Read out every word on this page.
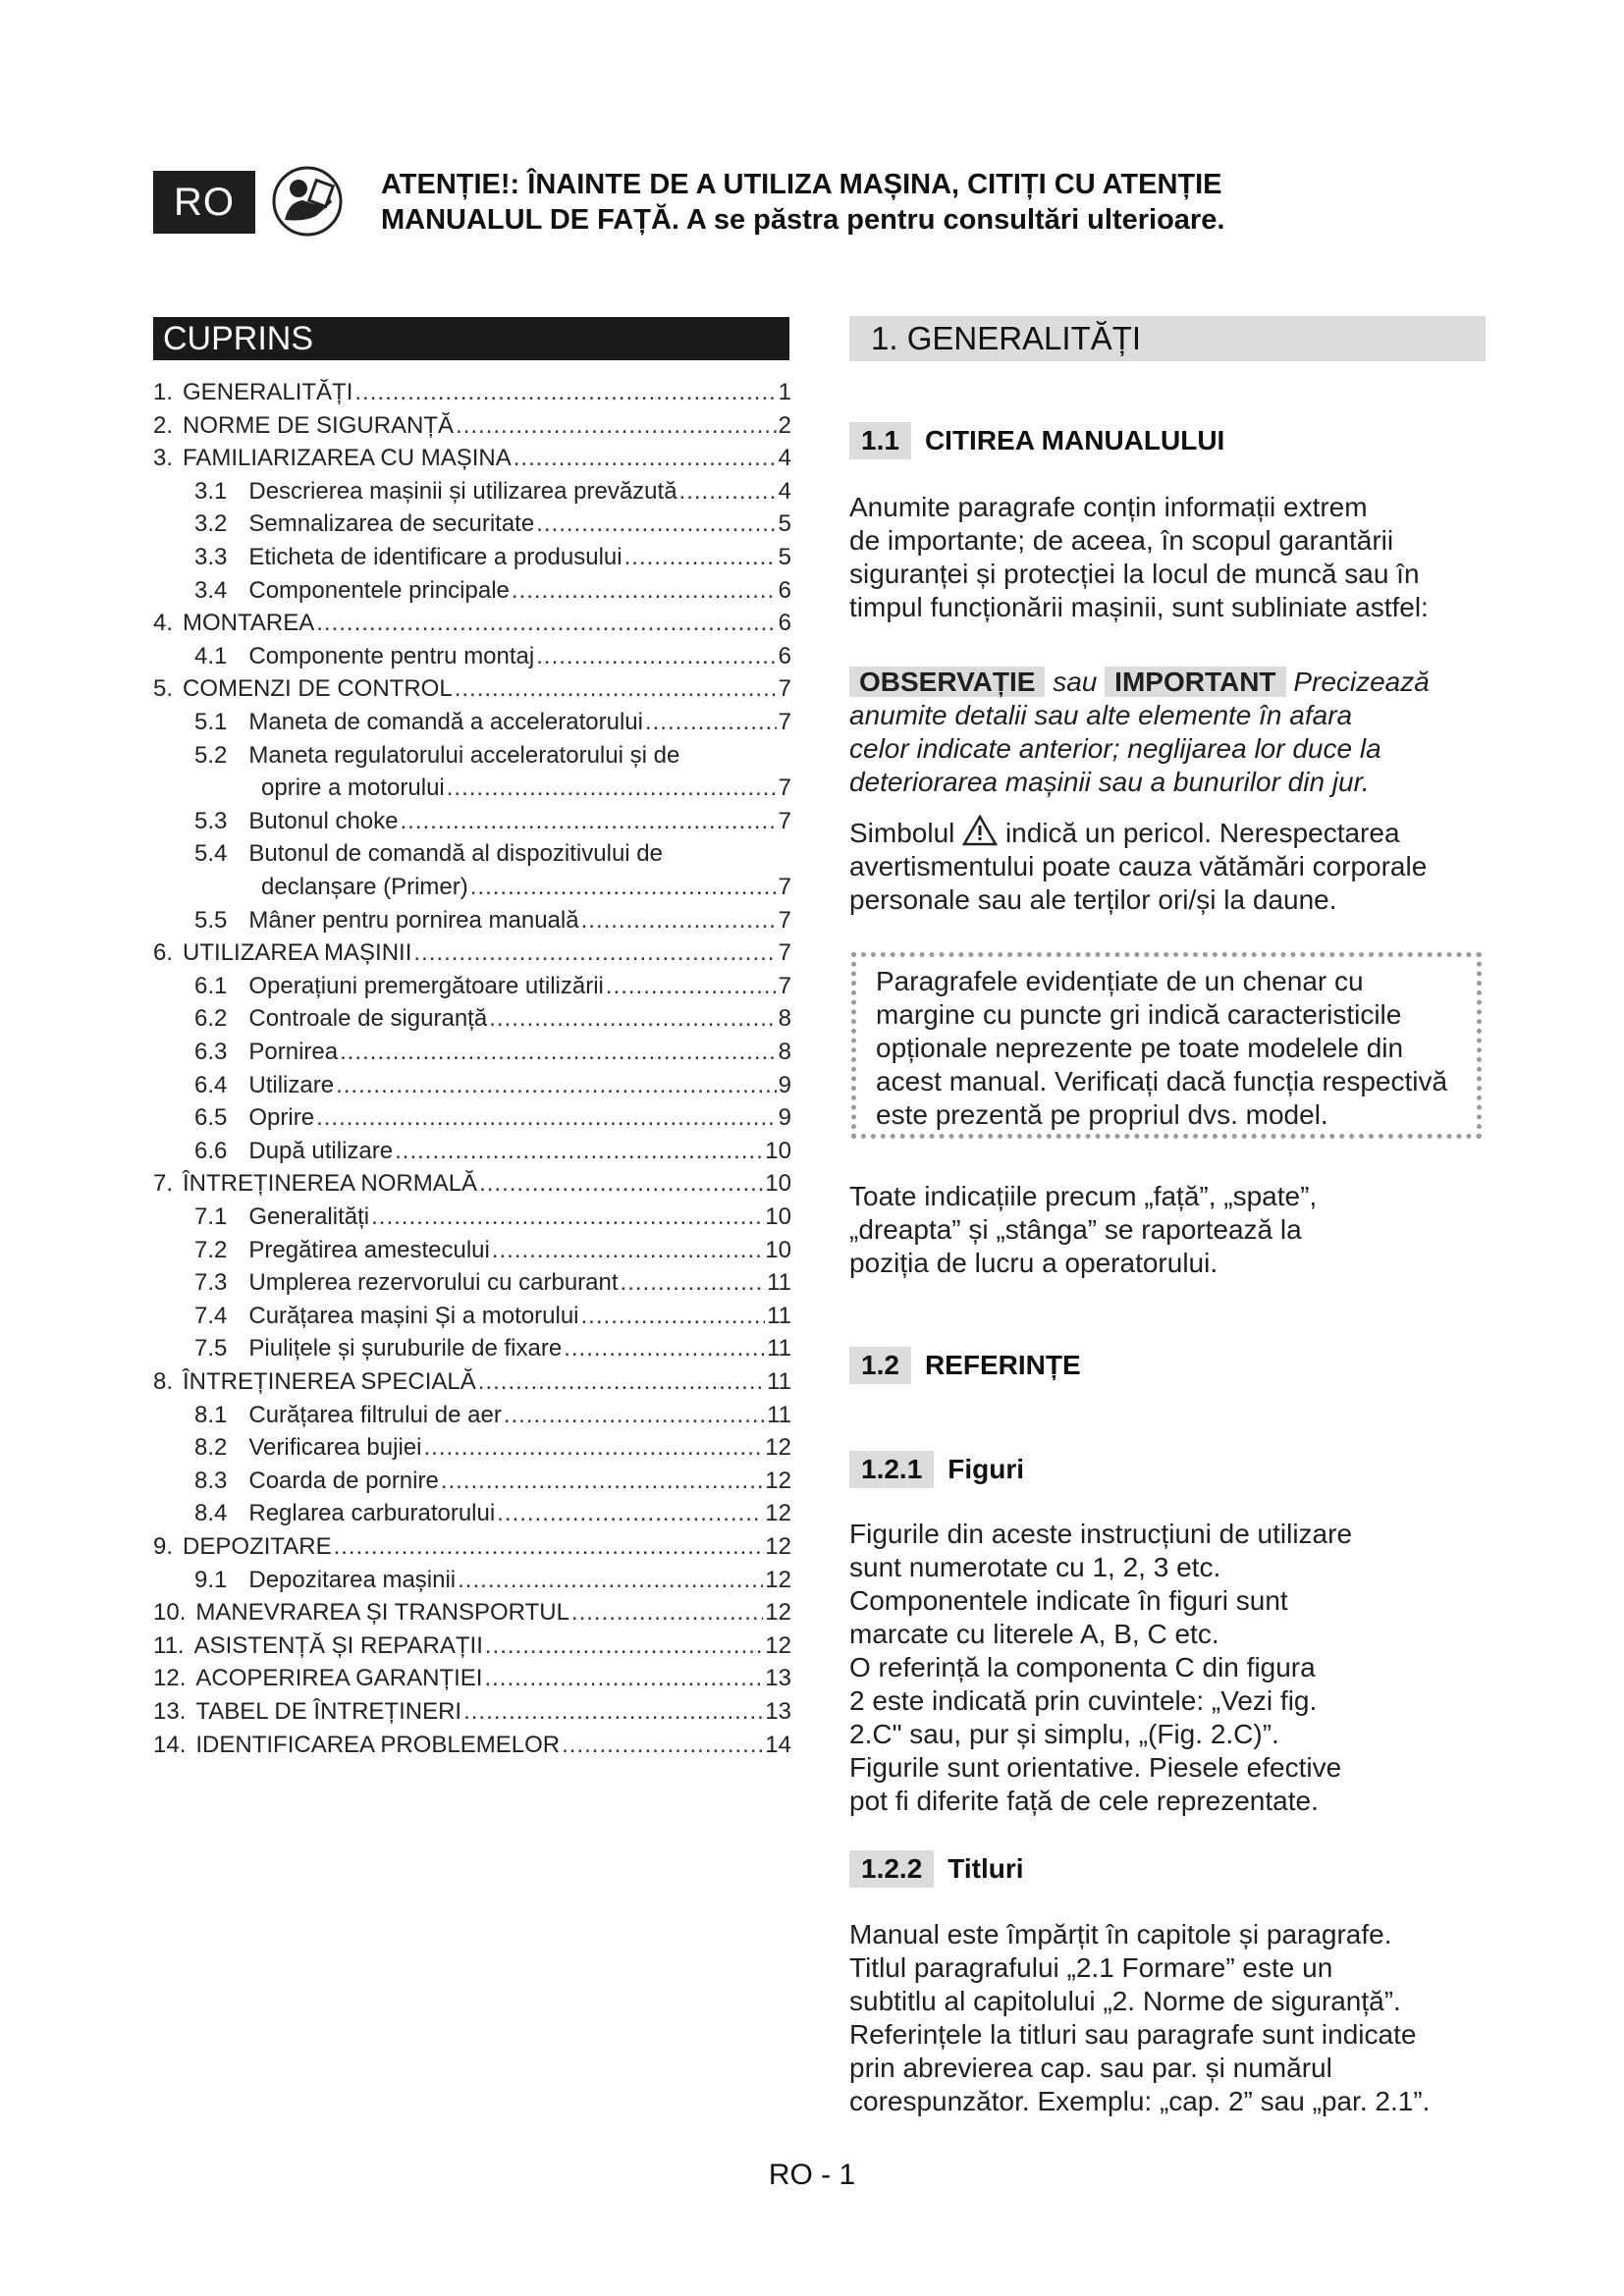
RO	ATENȚIE!: ÎNAINTE DE A UTILIZA MAȘINA, CITIȚI CU ATENȚIE
MANUALUL DE FAȚĂ. A se păstra pentru consultări ulterioare.
CUPRINS
1. GENERALITĂȚI .....	1
2. NORME DE SIGURANȚĂ .....	2
3. FAMILIARIZAREA CU MAȘINA .....	4
3.1 Descrierea mașinii și utilizarea prevăzută .....	4
3.2 Semnalizarea de securitate .....	5
3.3 Eticheta de identificare a produsului .....	5
3.4 Componentele principale .....	6
4. MONTAREA .....	6
4.1 Componente pentru montaj .....	6
5. COMENZI DE CONTROL .....	7
5.1 Maneta de comandă a acceleratorului .....	7
5.2 Maneta regulatorului acceleratorului și de
oprire a motorului .....	7
5.3 Butonul choke .....	7
5.4 Butonul de comandă al dispozitivului de
declanșare (Primer) .....	7
5.5 Mâner pentru pornirea manuală .....	7
6. UTILIZAREA MAȘINII .....	7
6.1 Operațiuni premergătoare utilizării .....	7
6.2 Controale de siguranță .....	8
6.3 Pornirea .....	8
6.4 Utilizare .....	9
6.5 Oprire .....	9
6.6 După utilizare .....	10
7. ÎNTREȚINEREA NORMALĂ .....	10
7.1 Generalități .....	10
7.2 Pregătirea amestecului .....	10
7.3 Umplerea rezervorului cu carburant .....	11
7.4 Curățarea mașini Și a motorului .....	11
7.5 Piulițele și șuruburile de fixare .....	11
8. ÎNTREȚINEREA SPECIALĂ .....	11
8.1 Curățarea filtrului de aer .....	11
8.2 Verificarea bujiei .....	12
8.3 Coarda de pornire .....	12
8.4 Reglarea carburatorului .....	12
9. DEPOZITARE .....	12
9.1 Depozitarea mașinii .....	12
10. MANEVRAREA ȘI TRANSPORTUL .....	12
11. ASISTENȚĂ ȘI REPARAȚII .....	12
12. ACOPERIREA GARANȚIEI .....	13
13. TABEL DE ÎNTREȚINERI .....	13
14. IDENTIFICAREA PROBLEMELOR .....	14
1. GENERALITĂȚI
1.1 CITIREA MANUALULUI
Anumite paragrafe conțin informații extrem
de importante; de aceea, în scopul garantării
siguranței și protecției la locul de muncă sau în
timpul funcționării mașinii, sunt subliniate astfel:
OBSERVAȚIE sau IMPORTANT Precizează
anumite detalii sau alte elemente în afara
celor indicate anterior; neglijarea lor duce la
deteriorarea mașinii sau a bunurilor din jur.
Simbolul indică un pericol. Nerespectarea
avertismentului poate cauza vătămări corporale
personale sau ale terților ori/și la daune.
Paragrafele evidențiate de un chenar cu
margine cu puncte gri indică caracteristicile
opționale neprezente pe toate modelele din
acest manual. Verificați dacă funcția respectivă
este prezentă pe propriul dvs. model.
Toate indicațiile precum „față”, „spate”,
„dreapta” și „stânga” se raportează la
poziția de lucru a operatorului.
1.2 REFERINȚE
1.2.1 Figuri
Figurile din aceste instrucțiuni de utilizare
sunt numerotate cu 1, 2, 3 etc.
Componentele indicate în figuri sunt
marcate cu literele A, B, C etc.
O referință la componenta C din figura
2 este indicată prin cuvintele: „Vezi fig.
2.C" sau, pur și simplu, „(Fig. 2.C)”.
Figurile sunt orientative. Piesele efective
pot fi diferite față de cele reprezentate.
1.2.2 Titluri
Manual este împărțit în capitole și paragrafe.
Titlul paragrafului „2.1 Formare” este un
subtitlu al capitolului „2. Norme de siguranță”.
Referințele la titluri sau paragrafe sunt indicate
prin abrevierea cap. sau par. și numărul
corespunzător. Exemplu: „cap. 2” sau „par. 2.1”.
RO - 1
